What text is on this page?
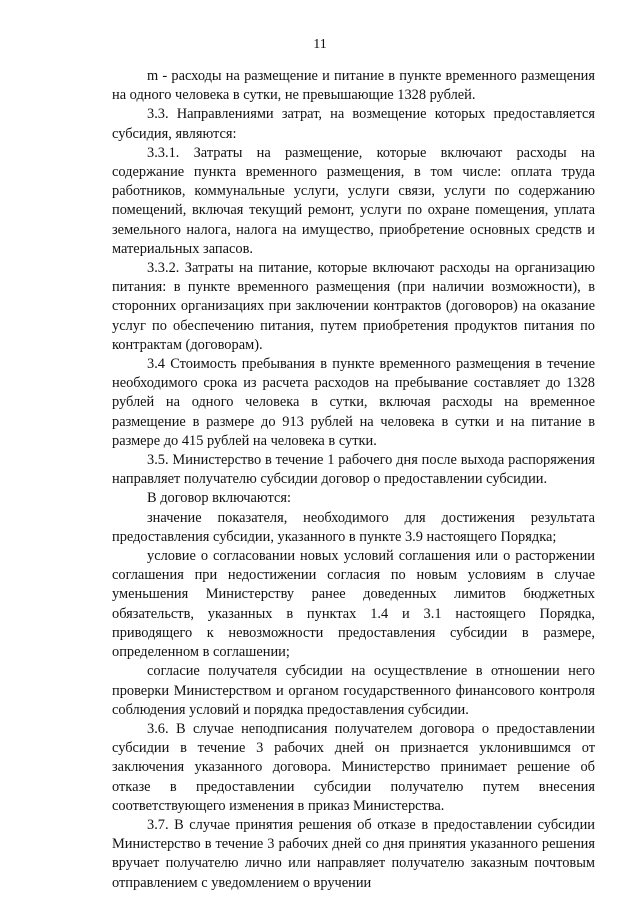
11

m - расходы на размещение и питание в пункте временного размещения на одного человека в сутки, не превышающие 1328 рублей.

3.3. Направлениями затрат, на возмещение которых предоставляется субсидия, являются:

3.3.1. Затраты на размещение, которые включают расходы на содержание пункта временного размещения, в том числе: оплата труда работников, коммунальные услуги, услуги связи, услуги по содержанию помещений, включая текущий ремонт, услуги по охране помещения, уплата земельного налога, налога на имущество, приобретение основных средств и материальных запасов.

3.3.2. Затраты на питание, которые включают расходы на организацию питания: в пункте временного размещения (при наличии возможности), в сторонних организациях при заключении контрактов (договоров) на оказание услуг по обеспечению питания, путем приобретения продуктов питания по контрактам (договорам).

3.4 Стоимость пребывания в пункте временного размещения в течение необходимого срока из расчета расходов на пребывание составляет до 1328 рублей на одного человека в сутки, включая расходы на временное размещение в размере до 913 рублей на человека в сутки и на питание в размере до 415 рублей на человека в сутки.

3.5. Министерство в течение 1 рабочего дня после выхода распоряжения направляет получателю субсидии договор о предоставлении субсидии.

В договор включаются:

значение показателя, необходимого для достижения результата предоставления субсидии, указанного в пункте 3.9 настоящего Порядка;

условие о согласовании новых условий соглашения или о расторжении соглашения при недостижении согласия по новым условиям в случае уменьшения Министерству ранее доведенных лимитов бюджетных обязательств, указанных в пунктах 1.4 и 3.1 настоящего Порядка, приводящего к невозможности предоставления субсидии в размере, определенном в соглашении;

согласие получателя субсидии на осуществление в отношении него проверки Министерством и органом государственного финансового контроля соблюдения условий и порядка предоставления субсидии.

3.6. В случае неподписания получателем договора о предоставлении субсидии в течение 3 рабочих дней он признается уклонившимся от заключения указанного договора. Министерство принимает решение об отказе в предоставлении субсидии получателю путем внесения соответствующего изменения в приказ Министерства.

3.7. В случае принятия решения об отказе в предоставлении субсидии Министерство в течение 3 рабочих дней со дня принятия указанного решения вручает получателю лично или направляет получателю заказным почтовым отправлением с уведомлением о вручении
